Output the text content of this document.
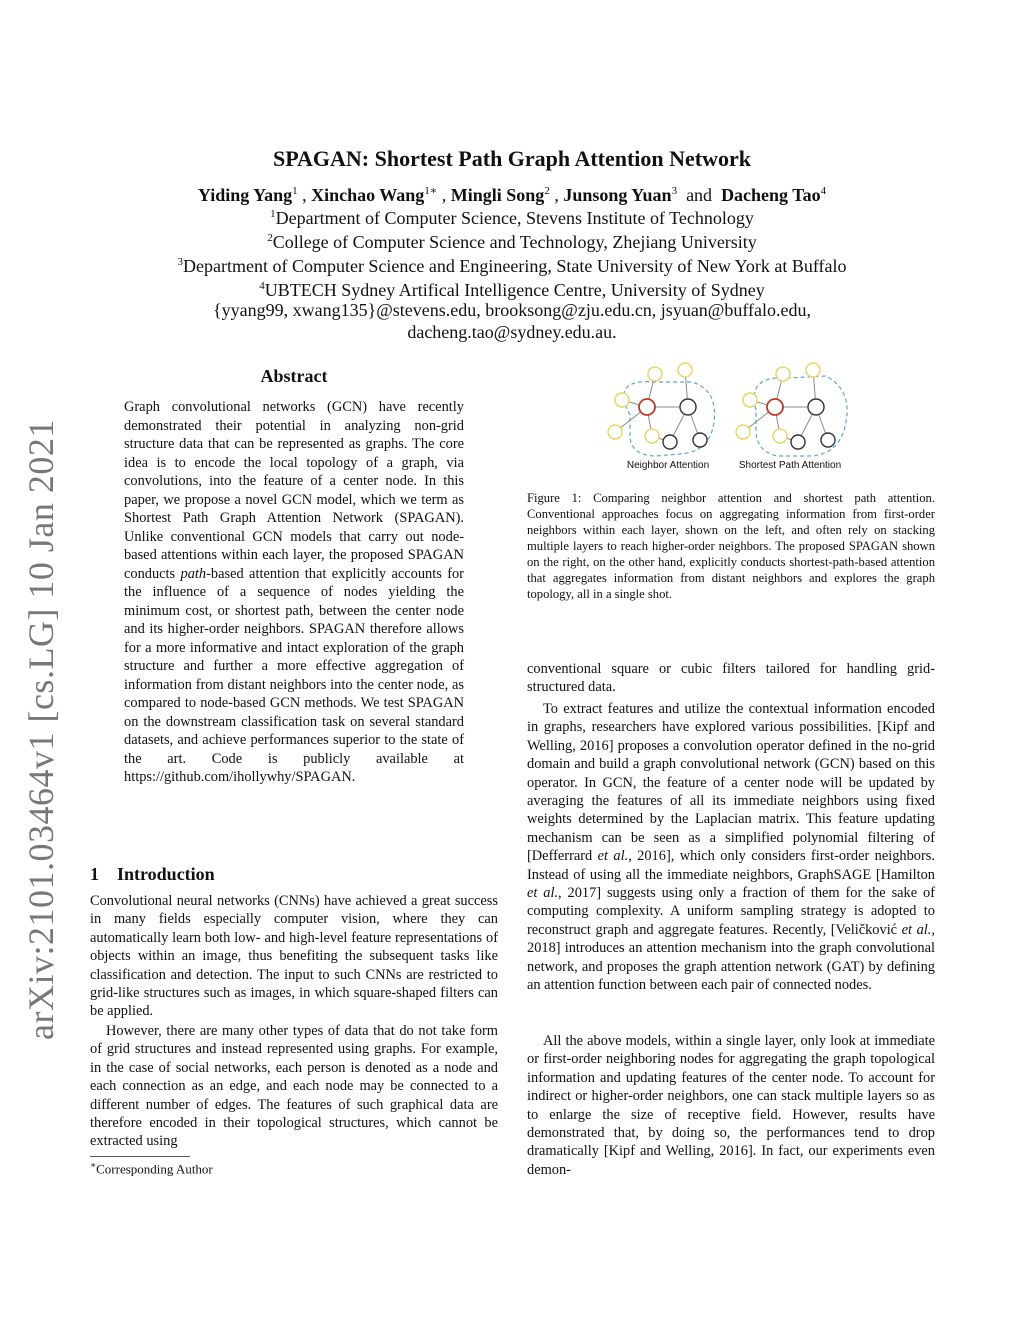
arXiv:2101.03464v1 [cs.LG] 10 Jan 2021
SPAGAN: Shortest Path Graph Attention Network
Yiding Yang$^1$ , Xinchao Wang$^{1∗}$ , Mingli Song$^2$ , Junsong Yuan$^3$ and Dacheng Tao$^4$
$^1$Department of Computer Science, Stevens Institute of Technology
$^2$College of Computer Science and Technology, Zhejiang University
$^3$Department of Computer Science and Engineering, State University of New York at Buffalo
$^4$UBTECH Sydney Artifical Intelligence Centre, University of Sydney
{yyang99, xwang135}@stevens.edu, brooksong@zju.edu.cn, jsyuan@buffalo.edu,
dacheng.tao@sydney.edu.au.
Abstract
Graph convolutional networks (GCN) have recently demonstrated their potential in analyzing non-grid structure data that can be represented as graphs. The core idea is to encode the local topology of a graph, via convolutions, into the feature of a center node. In this paper, we propose a novel GCN model, which we term as Shortest Path Graph Attention Network (SPAGAN). Unlike conventional GCN models that carry out node-based attentions within each layer, the proposed SPAGAN conducts path-based attention that explicitly accounts for the influence of a sequence of nodes yielding the minimum cost, or shortest path, between the center node and its higher-order neighbors. SPAGAN therefore allows for a more informative and intact exploration of the graph structure and further a more effective aggregation of information from distant neighbors into the center node, as compared to node-based GCN methods. We test SPAGAN on the downstream classification task on several standard datasets, and achieve performances superior to the state of the art. Code is publicly available at https://github.com/ihollywhy/SPAGAN.
1 Introduction
Convolutional neural networks (CNNs) have achieved a great success in many fields especially computer vision, where they can automatically learn both low- and high-level feature representations of objects within an image, thus benefiting the subsequent tasks like classification and detection. The input to such CNNs are restricted to grid-like structures such as images, in which square-shaped filters can be applied.
However, there are many other types of data that do not take form of grid structures and instead represented using graphs. For example, in the case of social networks, each person is denoted as a node and each connection as an edge, and each node may be connected to a different number of edges. The features of such graphical data are therefore encoded in their topological structures, which cannot be extracted using
∗Corresponding Author
Neighbor Attention	Shortest Path Attention
Figure 1: Comparing neighbor attention and shortest path attention. Conventional approaches focus on aggregating information from first-order neighbors within each layer, shown on the left, and often rely on stacking multiple layers to reach higher-order neighbors. The proposed SPAGAN shown on the right, on the other hand, explicitly conducts shortest-path-based attention that aggregates information from distant neighbors and explores the graph topology, all in a single shot.
conventional square or cubic filters tailored for handling grid-structured data.
To extract features and utilize the contextual information encoded in graphs, researchers have explored various possibilities. [Kipf and Welling, 2016] proposes a convolution operator defined in the no-grid domain and build a graph convolutional network (GCN) based on this operator. In GCN, the feature of a center node will be updated by averaging the features of all its immediate neighbors using fixed weights determined by the Laplacian matrix. This feature updating mechanism can be seen as a simplified polynomial filtering of [Defferrard et al., 2016], which only considers first-order neighbors. Instead of using all the immediate neighbors, GraphSAGE [Hamilton et al., 2017] suggests using only a fraction of them for the sake of computing complexity. A uniform sampling strategy is adopted to reconstruct graph and aggregate features. Recently, [Veličković et al., 2018] introduces an attention mechanism into the graph convolutional network, and proposes the graph attention network (GAT) by defining an attention function between each pair of connected nodes.
All the above models, within a single layer, only look at immediate or first-order neighboring nodes for aggregating the graph topological information and updating features of the center node. To account for indirect or higher-order neighbors, one can stack multiple layers so as to enlarge the size of receptive field. However, results have demonstrated that, by doing so, the performances tend to drop dramatically [Kipf and Welling, 2016]. In fact, our experiments even demon-
